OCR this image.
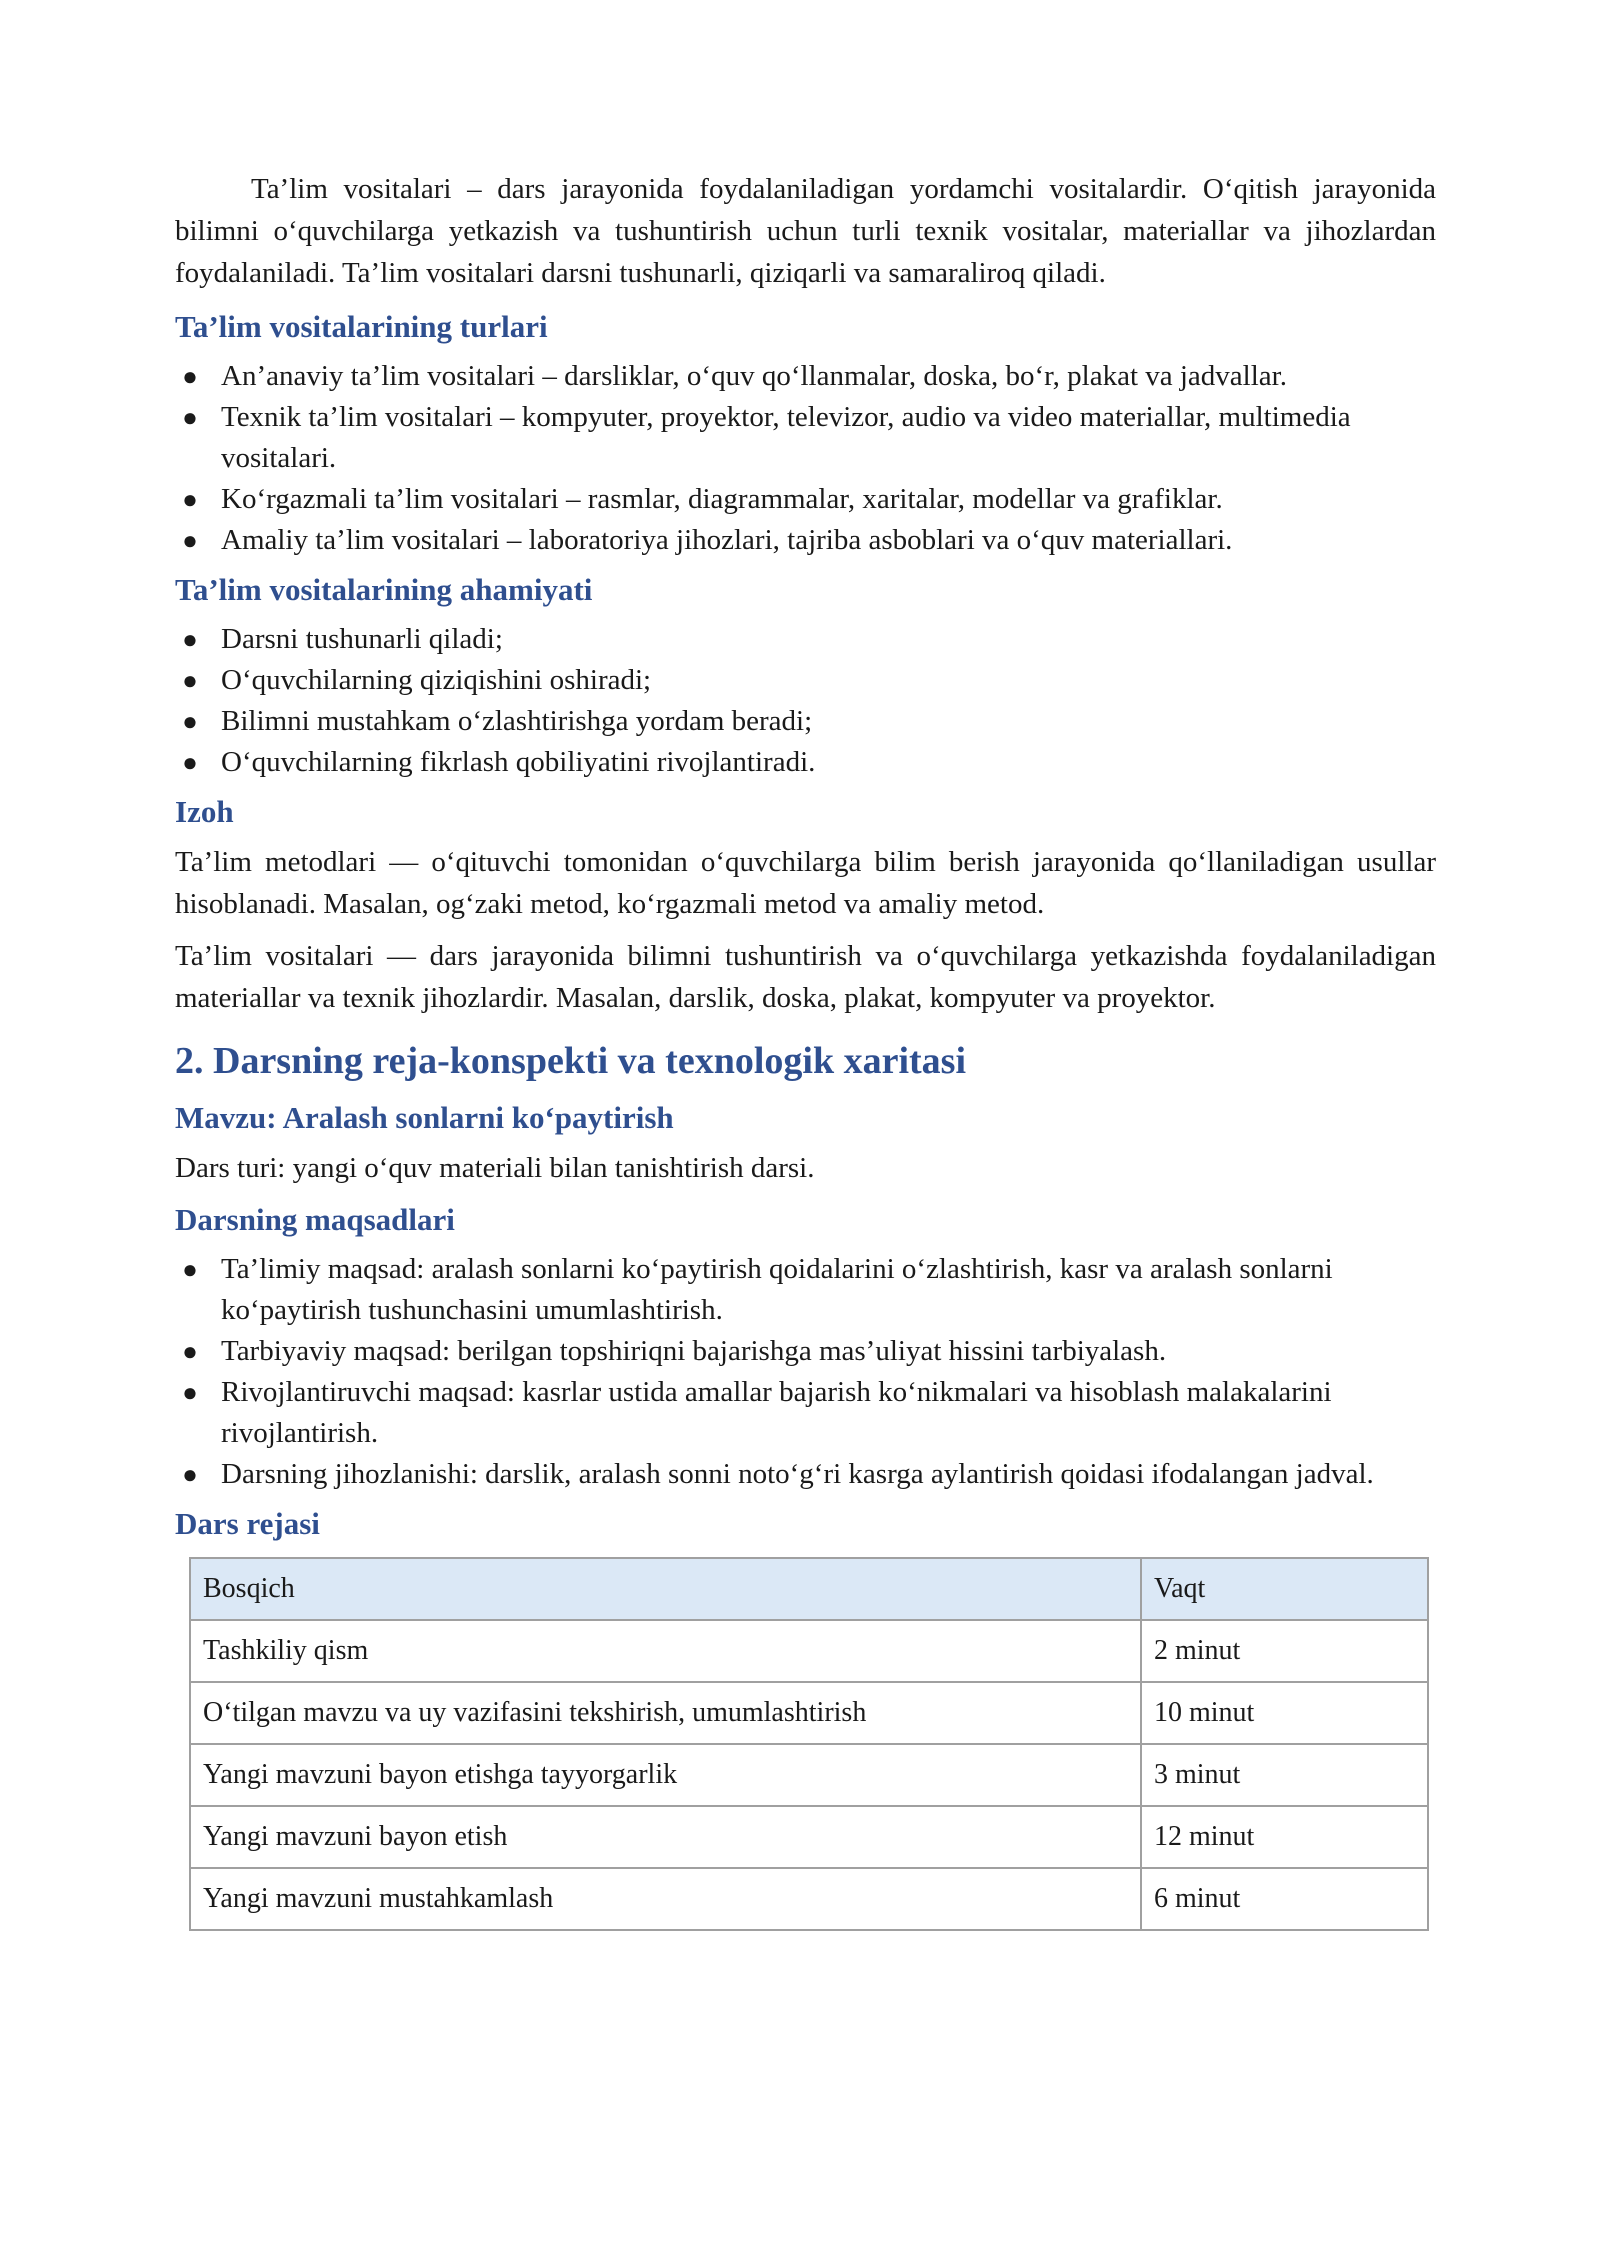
Ta’lim vositalari – dars jarayonida foydalaniladigan yordamchi vositalardir. O‘qitish jarayonida bilimni o‘quvchilarga yetkazish va tushuntirish uchun turli texnik vositalar, materiallar va jihozlardan foydalaniladi. Ta’lim vositalari darsni tushunarli, qiziqarli va samaraliroq qiladi.

Ta’lim vositalarining turlari
● An’anaviy ta’lim vositalari – darsliklar, o‘quv qo‘llanmalar, doska, bo‘r, plakat va jadvallar.
● Texnik ta’lim vositalari – kompyuter, proyektor, televizor, audio va video materiallar, multimedia vositalari.
● Ko‘rgazmali ta’lim vositalari – rasmlar, diagrammalar, xaritalar, modellar va grafiklar.
● Amaliy ta’lim vositalari – laboratoriya jihozlari, tajriba asboblari va o‘quv materiallari.
Ta’lim vositalarining ahamiyati
● Darsni tushunarli qiladi;
● O‘quvchilarning qiziqishini oshiradi;
● Bilimni mustahkam o‘zlashtirishga yordam beradi;
● O‘quvchilarning fikrlash qobiliyatini rivojlantiradi.
Izoh

Ta’lim metodlari — o‘qituvchi tomonidan o‘quvchilarga bilim berish jarayonida qo‘llaniladigan usullar hisoblanadi. Masalan, og‘zaki metod, ko‘rgazmali metod va amaliy metod.

Ta’lim vositalari — dars jarayonida bilimni tushuntirish va o‘quvchilarga yetkazishda foydalaniladigan materiallar va texnik jihozlardir. Masalan, darslik, doska, plakat, kompyuter va proyektor.

2. Darsning reja-konspekti va texnologik xaritasi
Mavzu: Aralash sonlarni ko‘paytirish

Dars turi: yangi o‘quv materiali bilan tanishtirish darsi.

Darsning maqsadlari
● Ta’limiy maqsad: aralash sonlarni ko‘paytirish qoidalarini o‘zlashtirish, kasr va aralash sonlarni ko‘paytirish tushunchasini umumlashtirish.
● Tarbiyaviy maqsad: berilgan topshiriqni bajarishga mas’uliyat hissini tarbiyalash.
● Rivojlantiruvchi maqsad: kasrlar ustida amallar bajarish ko‘nikmalari va hisoblash malakalarini rivojlantirish.
● Darsning jihozlanishi: darslik, aralash sonni noto‘g‘ri kasrga aylantirish qoidasi ifodalangan jadval.
Dars rejasi
Bosqich	Vaqt
Tashkiliy qism	2 minut
O‘tilgan mavzu va uy vazifasini tekshirish, umumlashtirish	10 minut
Yangi mavzuni bayon etishga tayyorgarlik	3 minut
Yangi mavzuni bayon etish	12 minut
Yangi mavzuni mustahkamlash	6 minut
